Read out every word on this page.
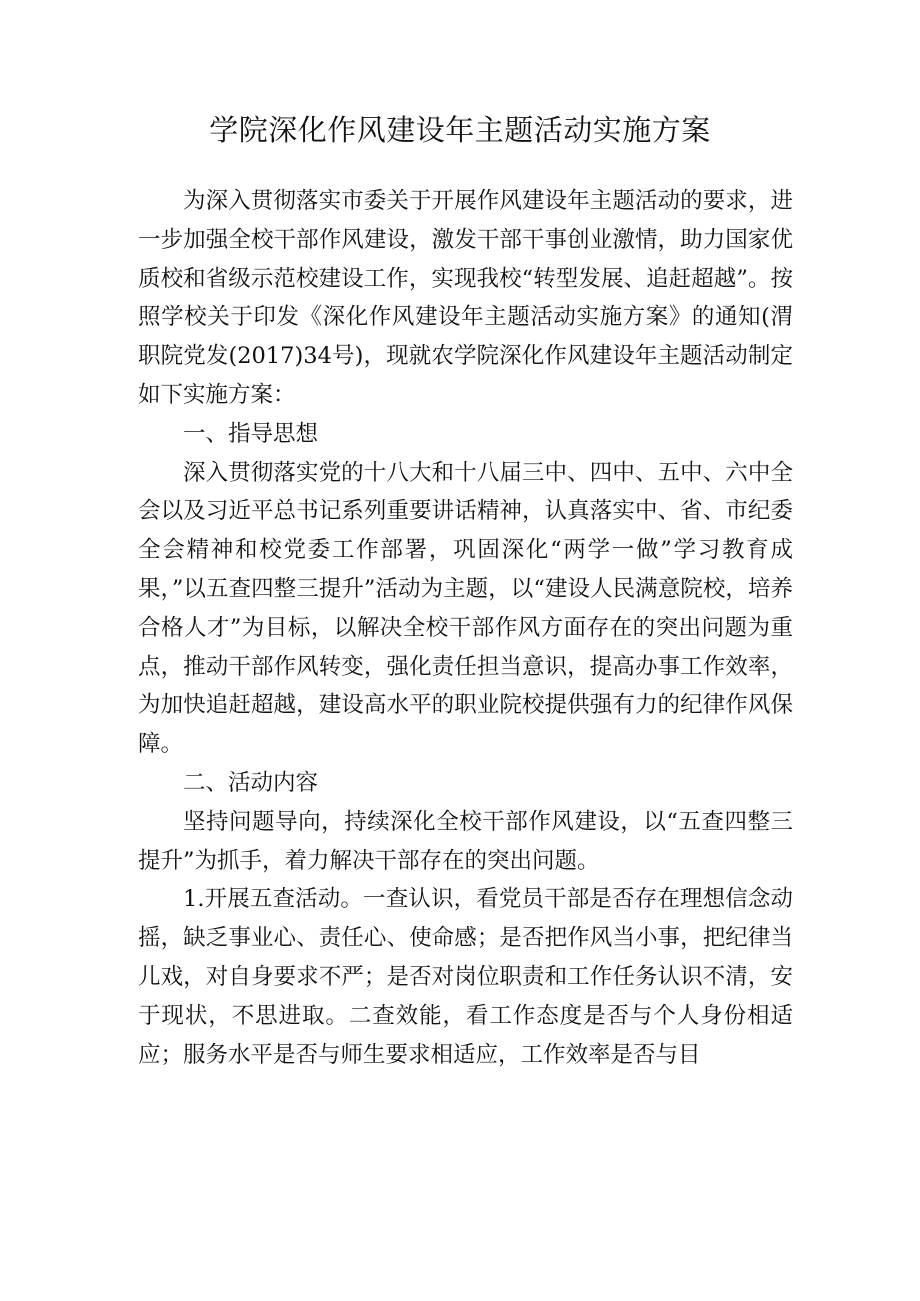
学院深化作风建设年主题活动实施方案

为深入贯彻落实市委关于开展作风建设年主题活动的要求，进一步加强全校干部作风建设，激发干部干事创业激情，助力国家优质校和省级示范校建设工作，实现我校“转型发展、追赶超越”。按照学校关于印发《深化作风建设年主题活动实施方案》的通知(渭职院党发(2017)34号)，现就农学院深化作风建设年主题活动制定如下实施方案：

一、指导思想

深入贯彻落实党的十八大和十八届三中、四中、五中、六中全会以及习近平总书记系列重要讲话精神，认真落实中、省、市纪委全会精神和校党委工作部署，巩固深化“两学一做”学习教育成果，”以五查四整三提升”活动为主题，以“建设人民满意院校，培养合格人才”为目标，以解决全校干部作风方面存在的突出问题为重点，推动干部作风转变，强化责任担当意识，提高办事工作效率，为加快追赶超越，建设高水平的职业院校提供强有力的纪律作风保障。

二、活动内容

坚持问题导向，持续深化全校干部作风建设，以“五查四整三提升”为抓手，着力解决干部存在的突出问题。

1.开展五查活动。一查认识，看党员干部是否存在理想信念动摇，缺乏事业心、责任心、使命感；是否把作风当小事，把纪律当儿戏，对自身要求不严；是否对岗位职责和工作任务认识不清，安于现状，不思进取。二查效能，看工作态度是否与个人身份相适应；服务水平是否与师生要求相适应，工作效率是否与目
